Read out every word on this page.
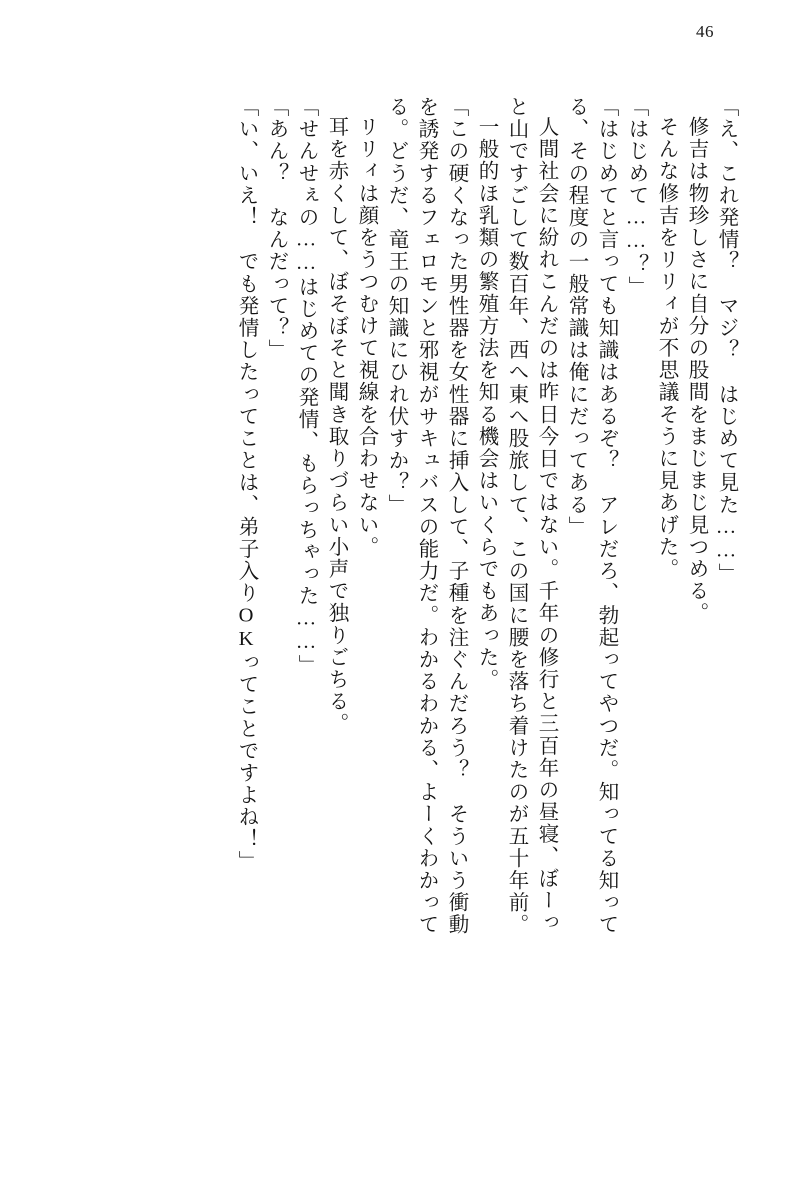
46
「え、これ発情？　マジ？　はじめて見た……」
修吉は物珍しさに自分の股間をまじまじ見つめる。
そんな修吉をリリィが不思議そうに見あげた。
「はじめて……？」
「はじめてと言っても知識はあるぞ？　アレだろ、勃起ってやつだ。知ってる知って
る、その程度の一般常識は俺にだってある」
人間社会に紛れこんだのは昨日今日ではない。千年の修行と三百年の昼寝、ぼーっ
と山ですごして数百年、西へ東へ股旅して、この国に腰を落ち着けたのが五十年前。
一般的ほ乳類の繁殖方法を知る機会はいくらでもあった。
「この硬くなった男性器を女性器に挿入して、子種を注ぐんだろう？　そういう衝動
を誘発するフェロモンと邪視がサキュバスの能力だ。わかるわかる、よーくわかって
る。どうだ、竜王の知識にひれ伏すか？」
リリィは顔をうつむけて視線を合わせない。
耳を赤くして、ぼそぼそと聞き取りづらい小声で独りごちる。
「せんせぇの……はじめての発情、もらっちゃった……」
「あん？　なんだって？」
「い、いえ！　でも発情したってことは、弟子入りOKってことですよね！」
